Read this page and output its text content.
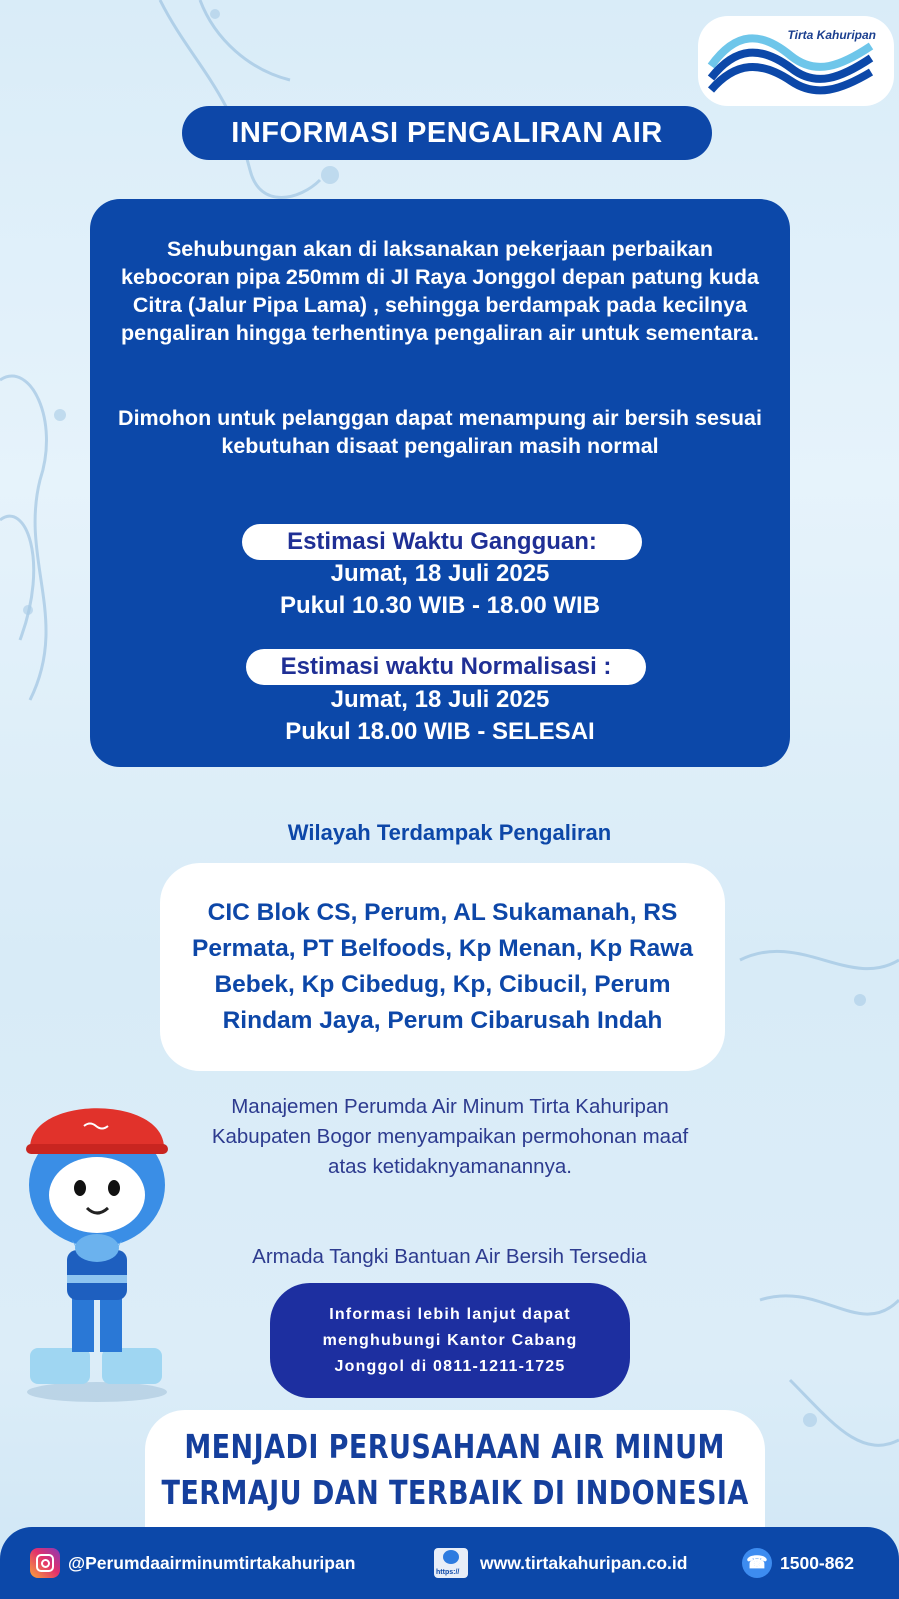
Tirta Kahuripan
INFORMASI PENGALIRAN AIR
Sehubungan akan di laksanakan pekerjaan perbaikan kebocoran pipa 250mm di Jl Raya Jonggol depan patung kuda Citra (Jalur Pipa Lama) , sehingga berdampak pada kecilnya pengaliran hingga terhentinya pengaliran air untuk sementara.
Dimohon untuk pelanggan dapat menampung air bersih sesuai kebutuhan disaat pengaliran masih normal
Estimasi Waktu Gangguan:
Jumat, 18 Juli 2025
Pukul 10.30 WIB - 18.00 WIB
Estimasi waktu Normalisasi :
Jumat, 18 Juli 2025
Pukul 18.00 WIB - SELESAI
Wilayah Terdampak Pengaliran
CIC Blok CS, Perum, AL Sukamanah, RS Permata, PT Belfoods, Kp Menan, Kp Rawa Bebek, Kp Cibedug, Kp, Cibucil, Perum Rindam Jaya, Perum Cibarusah Indah
Manajemen Perumda Air Minum Tirta Kahuripan Kabupaten Bogor menyampaikan permohonan maaf atas ketidaknyamanannya.
Armada Tangki Bantuan Air Bersih Tersedia
Informasi lebih lanjut dapat menghubungi Kantor Cabang Jonggol di 0811-1211-1725
MENJADI PERUSAHAAN AIR MINUM
TERMAJU DAN TERBAIK DI INDONESIA
@Perumdaairminumtirtakahuripan	https:// www.tirtakahuripan.co.id	☎ 1500-862
